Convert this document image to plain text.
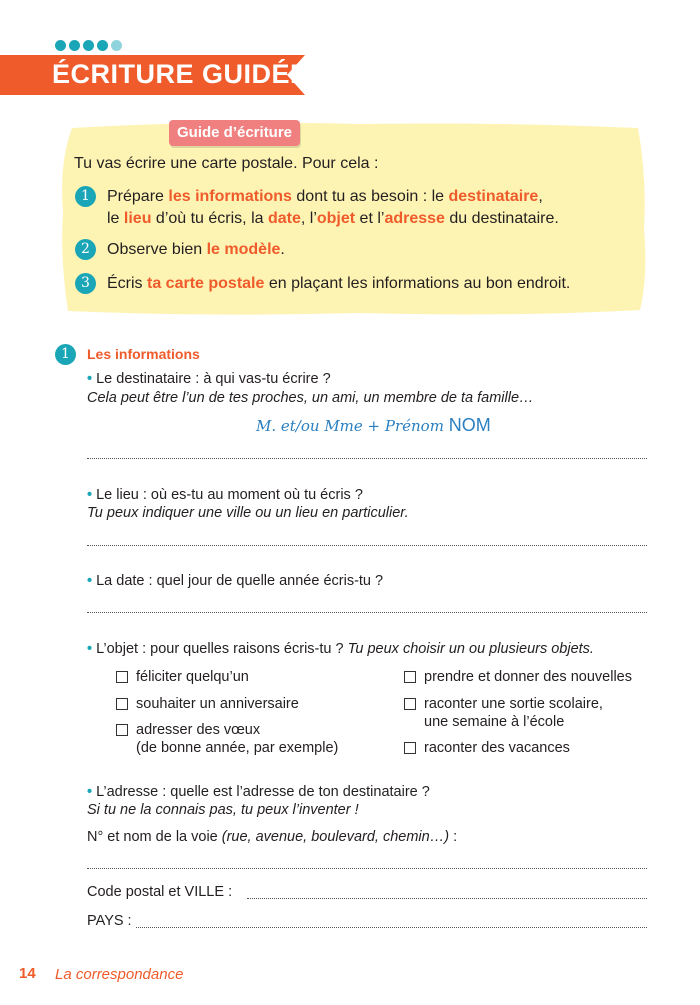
ÉCRITURE GUIDÉE
Guide d’écriture
Tu vas écrire une carte postale. Pour cela :
1	Prépare les informations dont tu as besoin : le destinataire,
le lieu d’où tu écris, la date, l’objet et l’adresse du destinataire.
2	Observe bien le modèle.
3	Écris ta carte postale en plaçant les informations au bon endroit.
1	Les informations
• Le destinataire : à qui vas-tu écrire ?
Cela peut être l’un de tes proches, un ami, un membre de ta famille…
M. et/ou Mme + Prénom NOM
• Le lieu : où es-tu au moment où tu écris ?
Tu peux indiquer une ville ou un lieu en particulier.
• La date : quel jour de quelle année écris-tu ?
• L’objet : pour quelles raisons écris-tu ? Tu peux choisir un ou plusieurs objets.
féliciter quelqu’un
souhaiter un anniversaire
adresser des vœux
(de bonne année, par exemple)
prendre et donner des nouvelles
raconter une sortie scolaire,
une semaine à l’école
raconter des vacances
• L’adresse : quelle est l’adresse de ton destinataire ?
Si tu ne la connais pas, tu peux l’inventer !
N° et nom de la voie (rue, avenue, boulevard, chemin…) :
Code postal et VILLE :
PAYS :
14 La correspondance
